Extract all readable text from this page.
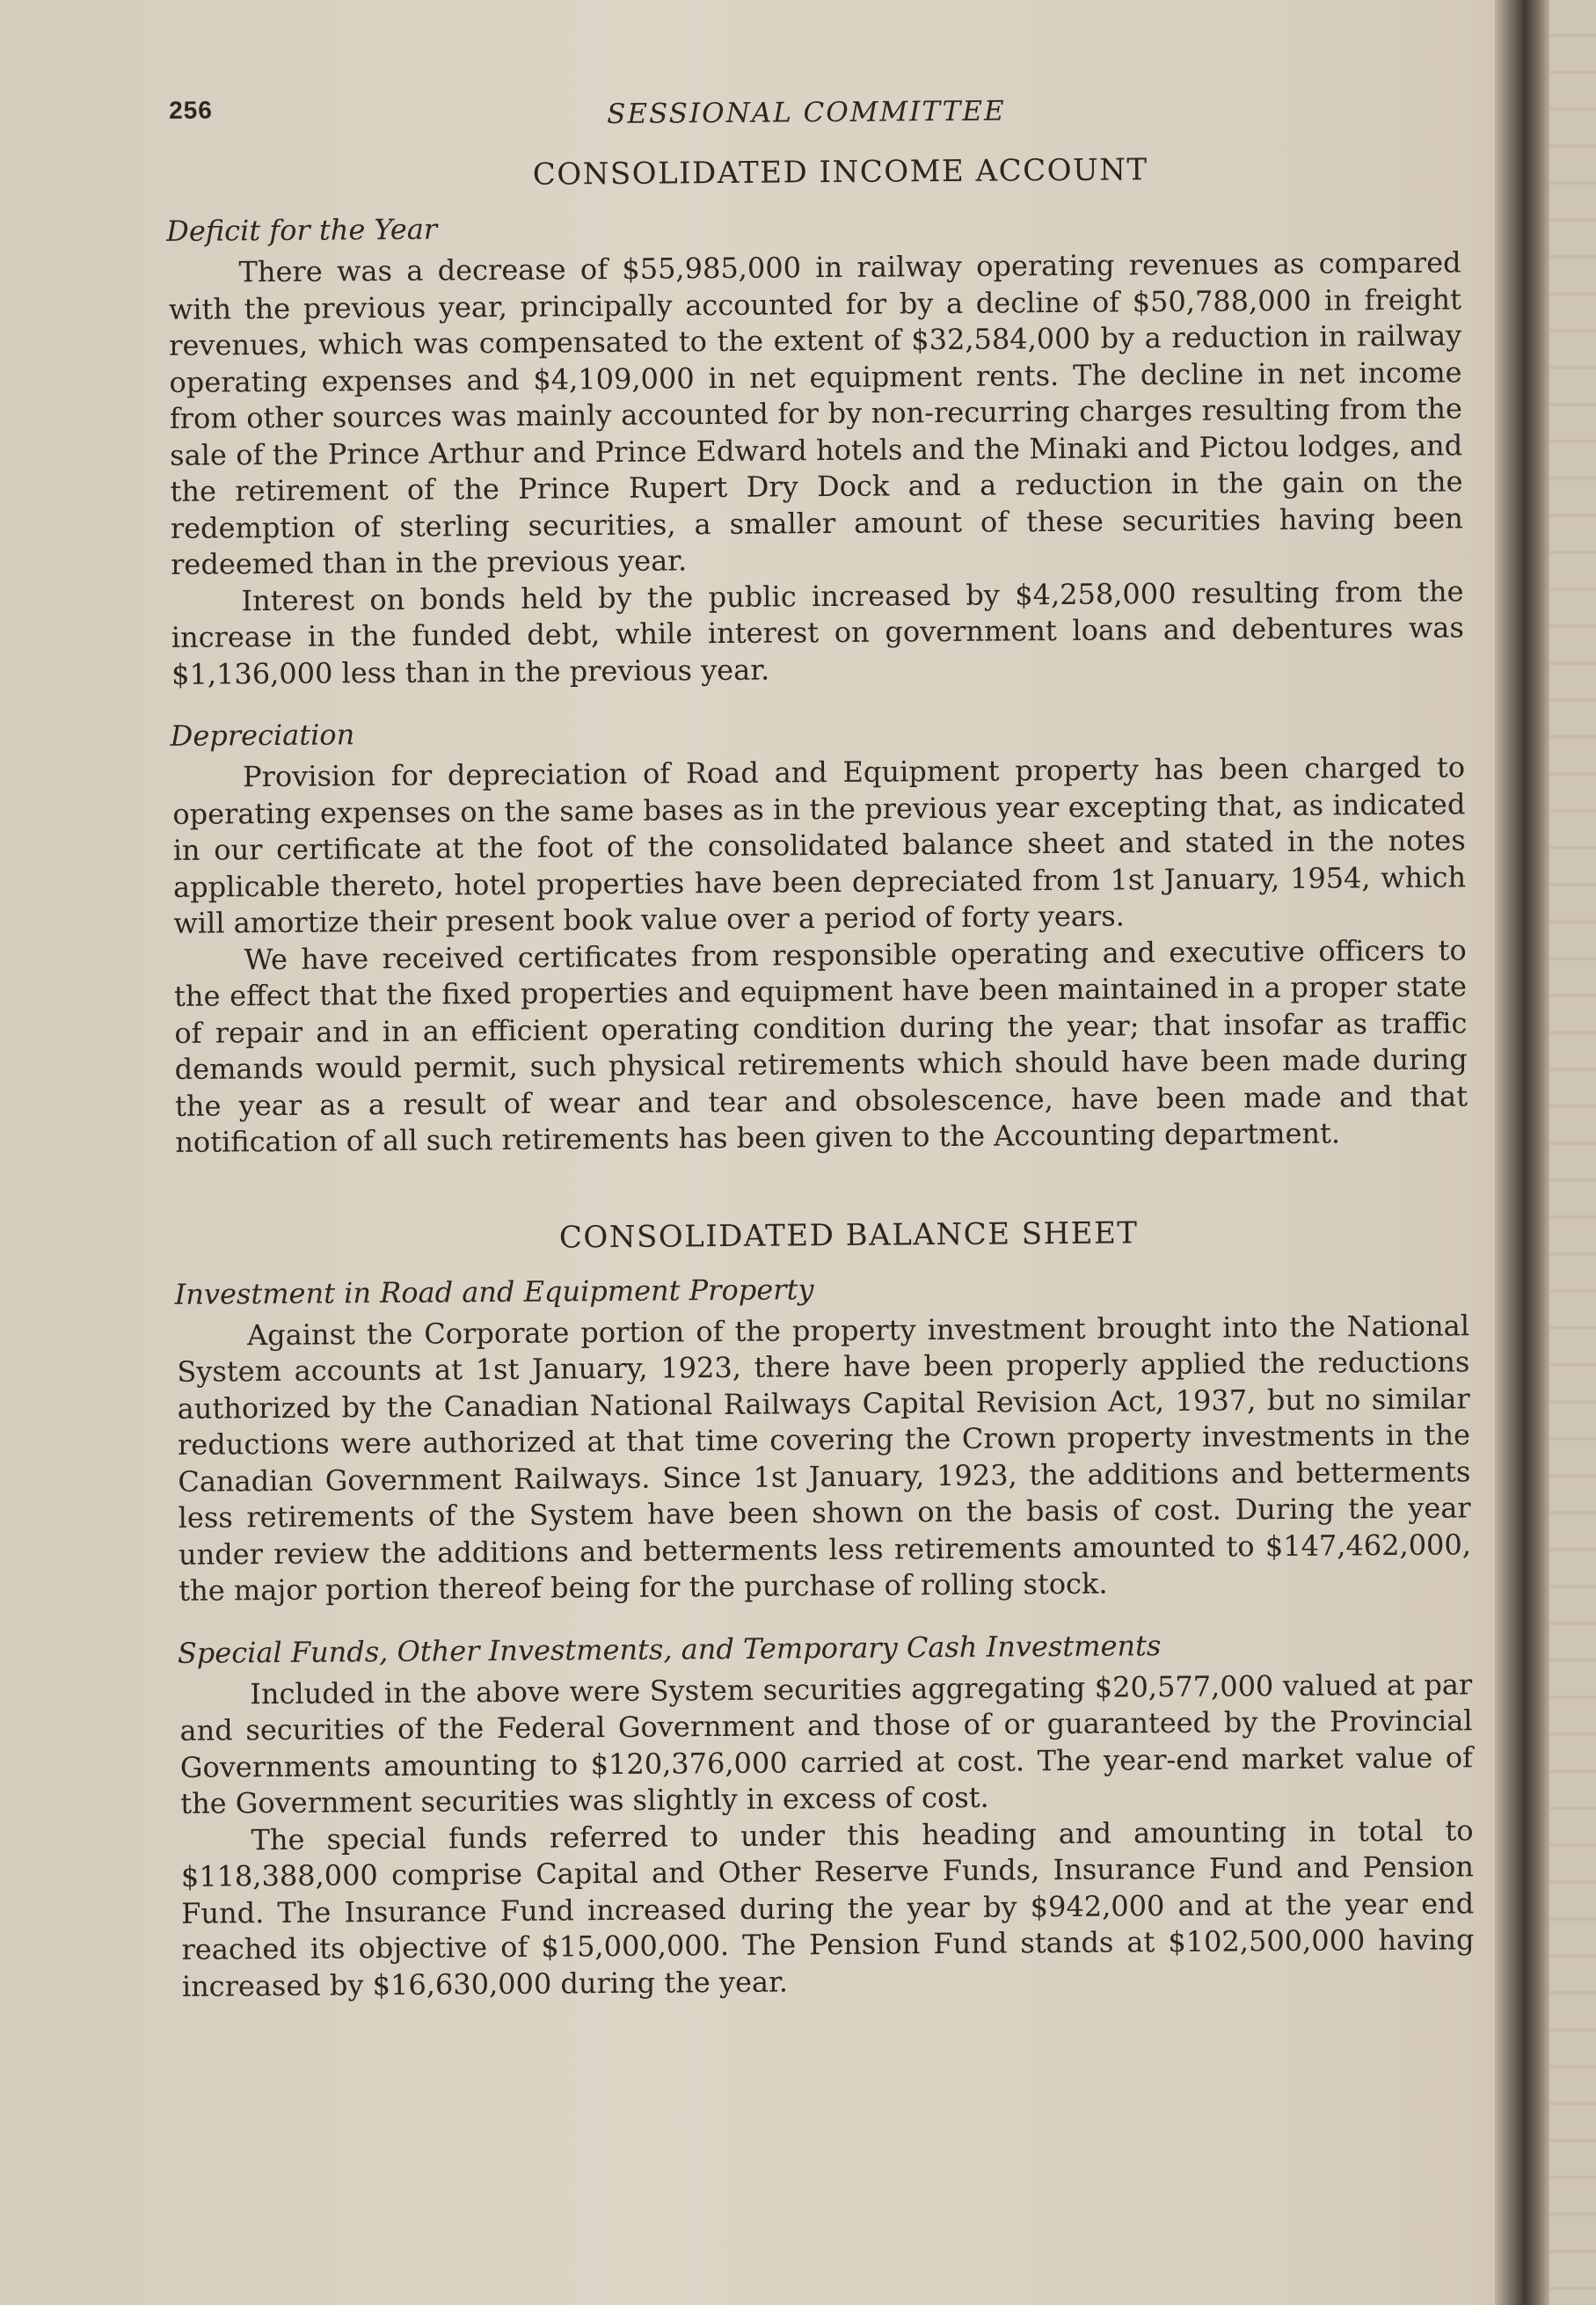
256	SESSIONAL COMMITTEE
CONSOLIDATED INCOME ACCOUNT
Deficit for the Year

There was a decrease of $55,985,000 in railway operating revenues as compared with the previous year, principally accounted for by a decline of $50,788,000 in freight revenues, which was compensated to the extent of $32,584,000 by a reduction in railway operating expenses and $4,109,000 in net equipment rents. The decline in net income from other sources was mainly accounted for by non-recurring charges resulting from the sale of the Prince Arthur and Prince Edward hotels and the Minaki and Pictou lodges, and the retirement of the Prince Rupert Dry Dock and a reduction in the gain on the redemption of sterling securities, a smaller amount of these securities having been redeemed than in the previous year.

Interest on bonds held by the public increased by $4,258,000 resulting from the increase in the funded debt, while interest on government loans and debentures was $1,136,000 less than in the previous year.

Depreciation

Provision for depreciation of Road and Equipment property has been charged to operating expenses on the same bases as in the previous year excepting that, as indicated in our certificate at the foot of the consolidated balance sheet and stated in the notes applicable thereto, hotel properties have been depreciated from 1st January, 1954, which will amortize their present book value over a period of forty years.

We have received certificates from responsible operating and executive officers to the effect that the fixed properties and equipment have been maintained in a proper state of repair and in an efficient operating condition during the year; that insofar as traffic demands would permit, such physical retirements which should have been made during the year as a result of wear and tear and obsolescence, have been made and that notification of all such retirements has been given to the Accounting department.

CONSOLIDATED BALANCE SHEET
Investment in Road and Equipment Property

Against the Corporate portion of the property investment brought into the National System accounts at 1st January, 1923, there have been properly applied the reductions authorized by the Canadian National Railways Capital Revision Act, 1937, but no similar reductions were authorized at that time covering the Crown property investments in the Canadian Government Railways. Since 1st January, 1923, the additions and betterments less retirements of the System have been shown on the basis of cost. During the year under review the additions and betterments less retirements amounted to $147,462,000, the major portion thereof being for the purchase of rolling stock.

Special Funds, Other Investments, and Temporary Cash Investments

Included in the above were System securities aggregating $20,577,000 valued at par and securities of the Federal Government and those of or guaranteed by the Provincial Governments amounting to $120,376,000 carried at cost. The year-end market value of the Government securities was slightly in excess of cost.

The special funds referred to under this heading and amounting in total to $118,388,000 comprise Capital and Other Reserve Funds, Insurance Fund and Pension Fund. The Insurance Fund increased during the year by $942,000 and at the year end reached its objective of $15,000,000. The Pension Fund stands at $102,500,000 having increased by $16,630,000 during the year.
